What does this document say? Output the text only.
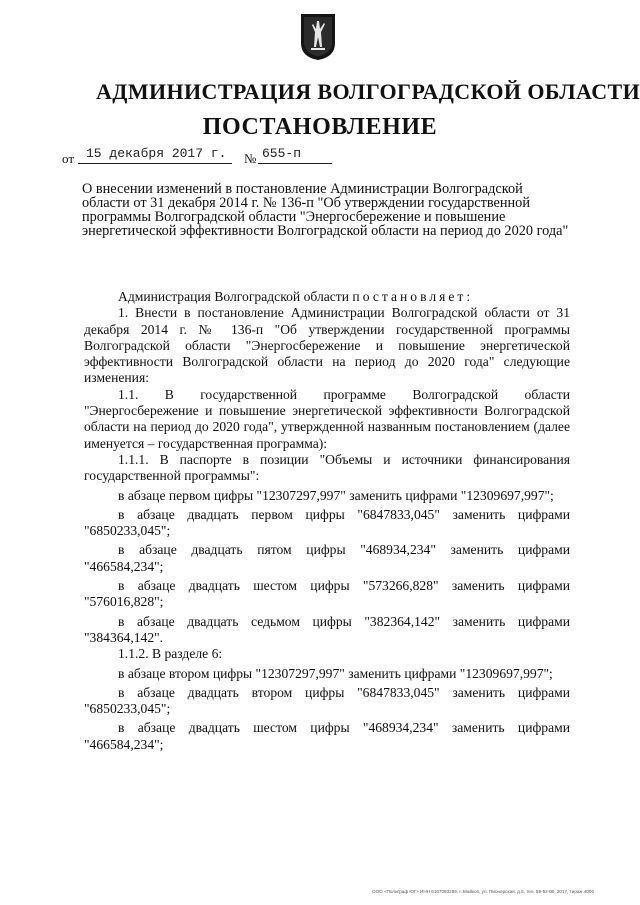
АДМИНИСТРАЦИЯ ВОЛГОГРАДСКОЙ ОБЛАСТИ
ПОСТАНОВЛЕНИЕ
от 15 декабря 2017 г. № 655-п
О внесении изменений в постановление Администрации Волгоградской
области от 31 декабря 2014 г. № 136-п "Об утверждении государственной
программы Волгоградской области "Энергосбережение и повышение
энергетической эффективности Волгоградской области на период до 2020 года"

Администрация Волгоградской области постановляет:

1. Внести в постановление Администрации Волгоградской области от 31 декабря 2014 г. № 136-п "Об утверждении государственной программы Волгоградской области "Энергосбережение и повышение энергетической эффективности Волгоградской области на период до 2020 года" следующие изменения:

1.1. В государственной программе Волгоградской области "Энергосбережение и повышение энергетической эффективности Волгоградской области на период до 2020 года", утвержденной названным постановлением (далее именуется – государственная программа):

1.1.1. В паспорте в позиции "Объемы и источники финансирования государственной программы":

в абзаце первом цифры "12307297,997" заменить цифрами "12309697,997";

в абзаце двадцать первом цифры "6847833,045" заменить цифрами "6850233,045";

в абзаце двадцать пятом цифры "468934,234" заменить цифрами "466584,234";

в абзаце двадцать шестом цифры "573266,828" заменить цифрами "576016,828";

в абзаце двадцать седьмом цифры "382364,142" заменить цифрами "384364,142".

1.1.2. В разделе 6:

в абзаце втором цифры "12307297,997" заменить цифрами "12309697,997";

в абзаце двадцать втором цифры "6847833,045" заменить цифрами "6850233,045";

в абзаце двадцать шестом цифры "468934,234" заменить цифрами "466584,234";

ООО «Полиграф ЮГ» ИНН 6167093289, г. Майкоп, ул. Пионерская, д.5, тел. 59-52-00, 2017, тираж 4000
